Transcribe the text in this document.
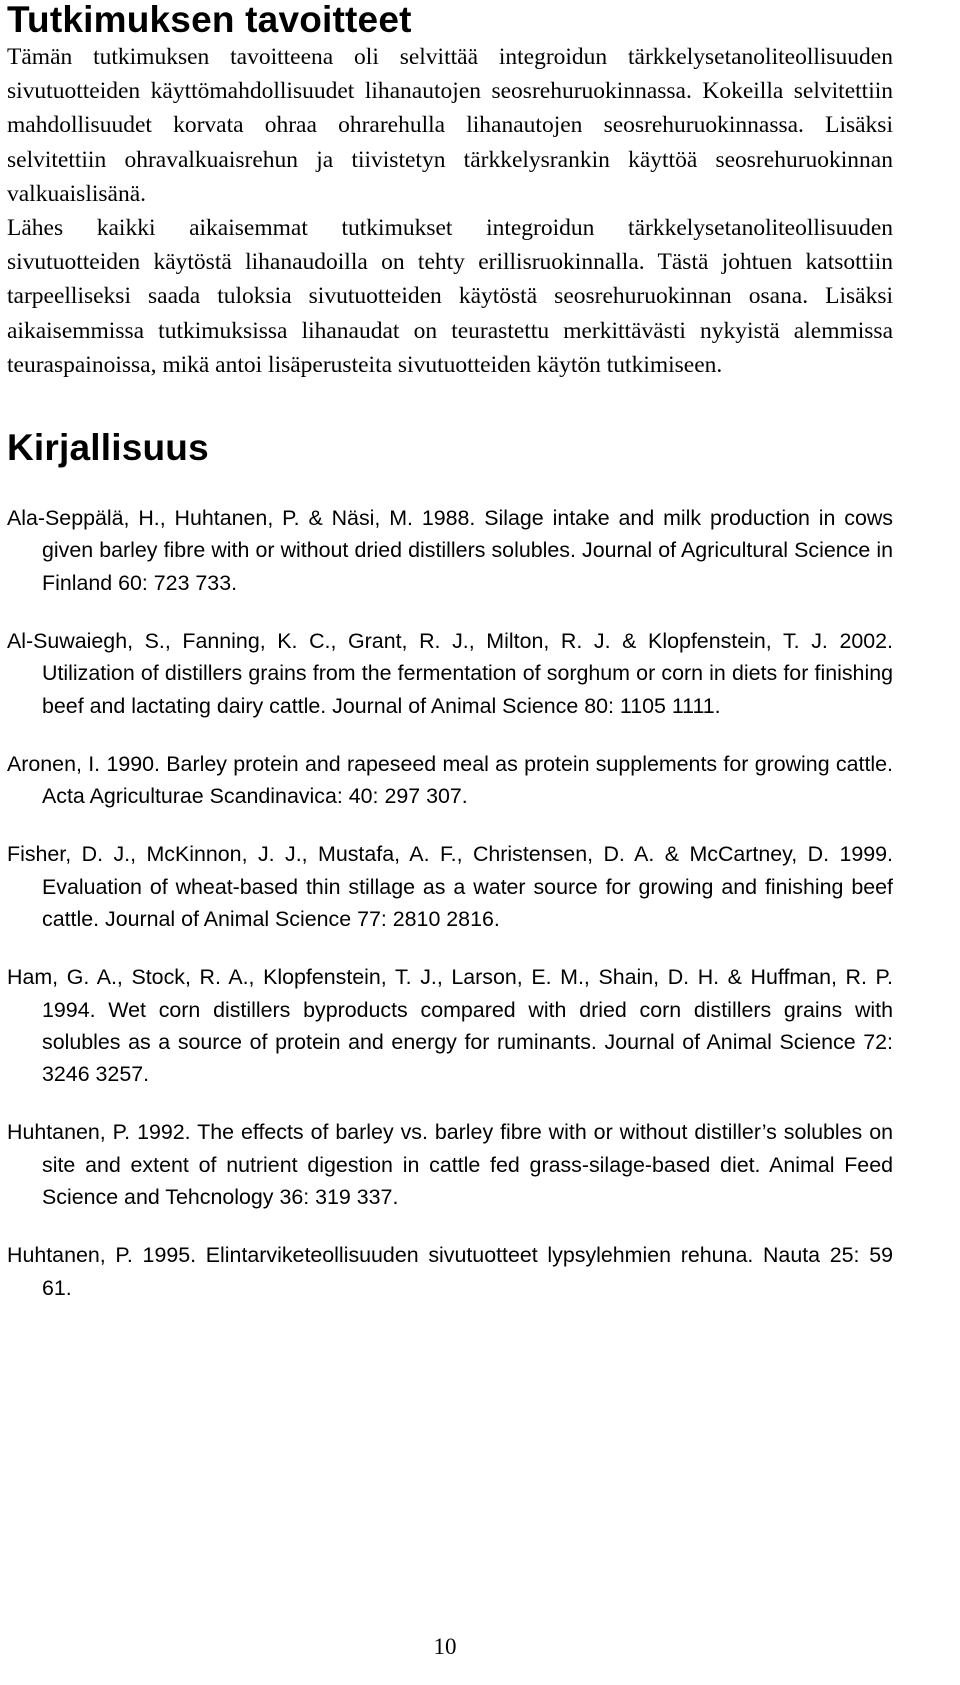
Tutkimuksen tavoitteet

Tämän tutkimuksen tavoitteena oli selvittää integroidun tärkkelysetanoliteollisuuden sivutuotteiden käyttömahdollisuudet lihanautojen seosrehuruokinnassa. Kokeilla selvitettiin mahdollisuudet korvata ohraa ohrarehulla lihanautojen seosrehuruokinnassa. Lisäksi selvitettiin ohravalkuaisrehun ja tiivistetyn tärkkelysrankin käyttöä seosrehuruokinnan valkuaislisänä.

Lähes kaikki aikaisemmat tutkimukset integroidun tärkkelysetanoliteollisuuden sivutuotteiden käytöstä lihanaudoilla on tehty erillisruokinnalla. Tästä johtuen katsottiin tarpeelliseksi saada tuloksia sivutuotteiden käytöstä seosrehuruokinnan osana. Lisäksi aikaisemmissa tutkimuksissa lihanaudat on teurastettu merkittävästi nykyistä alemmissa teuraspainoissa, mikä antoi lisäperusteita sivutuotteiden käytön tutkimiseen.

Kirjallisuus

Ala-Seppälä, H., Huhtanen, P. & Näsi, M. 1988. Silage intake and milk production in cows given barley fibre with or without dried distillers solubles. Journal of Agricultural Science in Finland 60: 723 733.

Al-Suwaiegh, S., Fanning, K. C., Grant, R. J., Milton, R. J. & Klopfenstein, T. J. 2002. Utilization of distillers grains from the fermentation of sorghum or corn in diets for finishing beef and lactating dairy cattle. Journal of Animal Science 80: 1105 1111.

Aronen, I. 1990. Barley protein and rapeseed meal as protein supplements for growing cattle. Acta Agriculturae Scandinavica: 40: 297 307.

Fisher, D. J., McKinnon, J. J., Mustafa, A. F., Christensen, D. A. & McCartney, D. 1999. Evaluation of wheat-based thin stillage as a water source for growing and finishing beef cattle. Journal of Animal Science 77: 2810 2816.

Ham, G. A., Stock, R. A., Klopfenstein, T. J., Larson, E. M., Shain, D. H. & Huffman, R. P. 1994. Wet corn distillers byproducts compared with dried corn distillers grains with solubles as a source of protein and energy for ruminants. Journal of Animal Science 72: 3246 3257.

Huhtanen, P. 1992. The effects of barley vs. barley fibre with or without distiller’s solubles on site and extent of nutrient digestion in cattle fed grass-silage-based diet. Animal Feed Science and Tehcnology 36: 319 337.

Huhtanen, P. 1995. Elintarviketeollisuuden sivutuotteet lypsylehmien rehuna. Nauta 25: 59 61.

10
